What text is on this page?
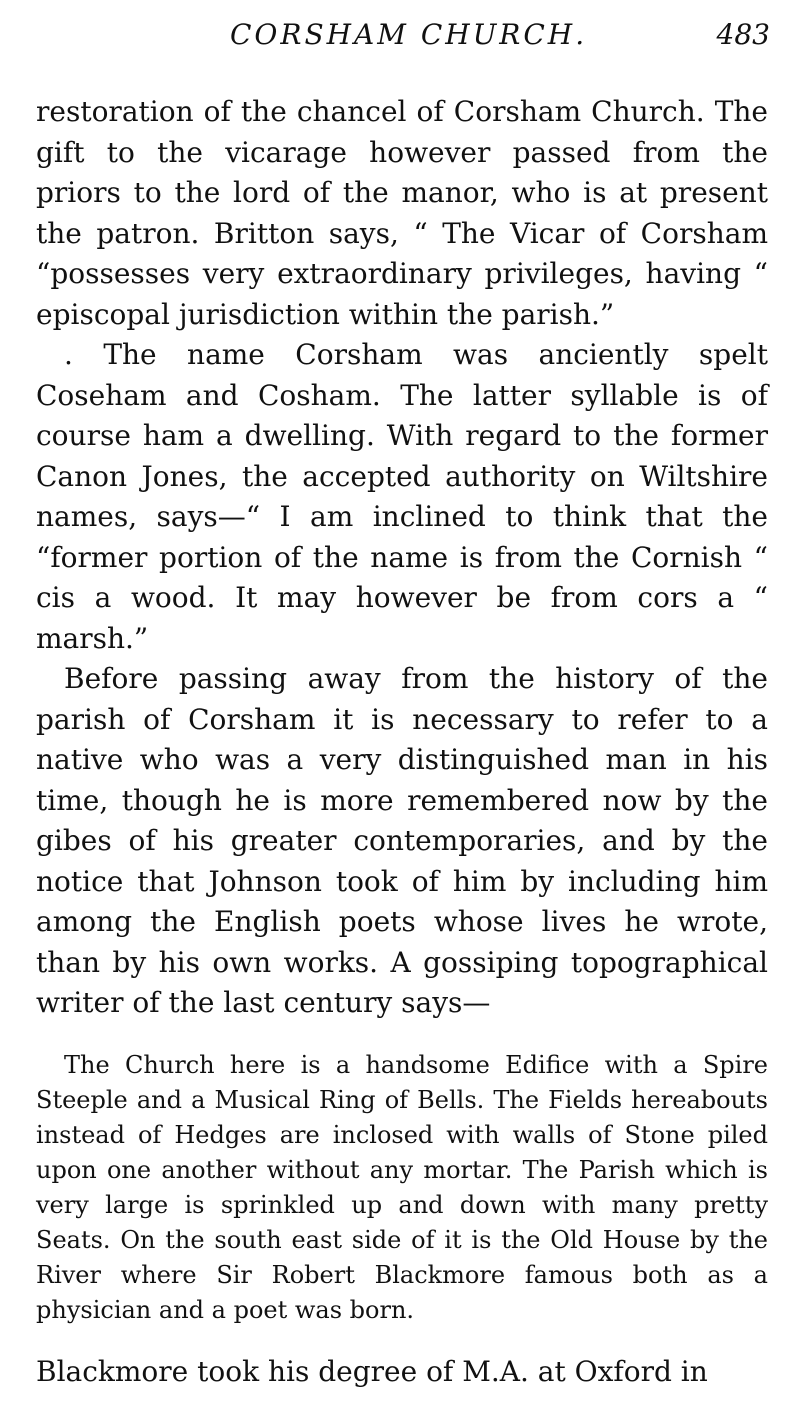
CORSHAM CHURCH.	483

restoration of the chancel of Corsham Church. The gift to the vicarage however passed from the priors to the lord of the manor, who is at present the patron. Britton says, “ The Vicar of Corsham “possesses very extraordinary privileges, having “ episcopal jurisdiction within the parish.”

. The name Corsham was anciently spelt Coseham and Cosham. The latter syllable is of course ham a dwelling. With regard to the former Canon Jones, the accepted authority on Wiltshire names, says—“ I am inclined to think that the “former portion of the name is from the Cornish “ cis a wood. It may however be from cors a “ marsh.”

Before passing away from the history of the parish of Corsham it is necessary to refer to a native who was a very distinguished man in his time, though he is more remembered now by the gibes of his greater contemporaries, and by the notice that Johnson took of him by including him among the English poets whose lives he wrote, than by his own works. A gossiping topographical writer of the last century says—

The Church here is a handsome Edifice with a Spire Steeple and a Musical Ring of Bells. The Fields hereabouts instead of Hedges are inclosed with walls of Stone piled upon one another without any mortar. The Parish which is very large is sprinkled up and down with many pretty Seats. On the south east side of it is the Old House by the River where Sir Robert Blackmore famous both as a physician and a poet was born.

Blackmore took his degree of M.A. at Oxford in
